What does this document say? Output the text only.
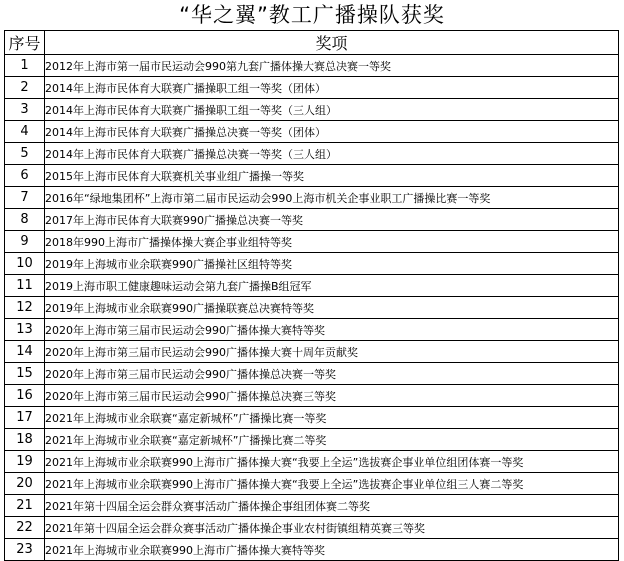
“华之翼”教工广播操队获奖
序号	奖项
1	2012年上海市第一届市民运动会990第九套广播体操大赛总决赛一等奖
2	2014年上海市民体育大联赛广播操职工组一等奖（团体）
3	2014年上海市民体育大联赛广播操职工组一等奖（三人组）
4	2014年上海市民体育大联赛广播操总决赛一等奖（团体）
5	2014年上海市民体育大联赛广播操总决赛一等奖（三人组）
6	2015年上海市民体育大联赛机关事业组广播操一等奖
7	2016年“绿地集团杯”上海市第二届市民运动会990上海市机关企事业职工广播操比赛一等奖
8	2017年上海市民体育大联赛990广播操总决赛一等奖
9	2018年990上海市广播操体操大赛企事业组特等奖
10	2019年上海城市业余联赛990广播操社区组特等奖
11	2019上海市职工健康趣味运动会第九套广播操B组冠军
12	2019年上海城市业余联赛990广播操联赛总决赛特等奖
13	2020年上海市第三届市民运动会990广播体操大赛特等奖
14	2020年上海市第三届市民运动会990广播体操大赛十周年贡献奖
15	2020年上海市第三届市民运动会990广播体操总决赛一等奖
16	2020年上海市第三届市民运动会990广播体操总决赛三等奖
17	2021年上海城市业余联赛“嘉定新城杯”广播操比赛一等奖
18	2021年上海城市业余联赛“嘉定新城杯”广播操比赛二等奖
19	2021年上海城市业余联赛990上海市广播体操大赛“我要上全运”选拔赛企事业单位组团体赛一等奖
20	2021年上海城市业余联赛990上海市广播体操大赛“我要上全运”选拔赛企事业单位组三人赛二等奖
21	2021年第十四届全运会群众赛事活动广播体操企事组团体赛二等奖
22	2021年第十四届全运会群众赛事活动广播体操企事业农村街镇组精英赛三等奖
23	2021年上海城市业余联赛990上海市广播体操大赛特等奖
